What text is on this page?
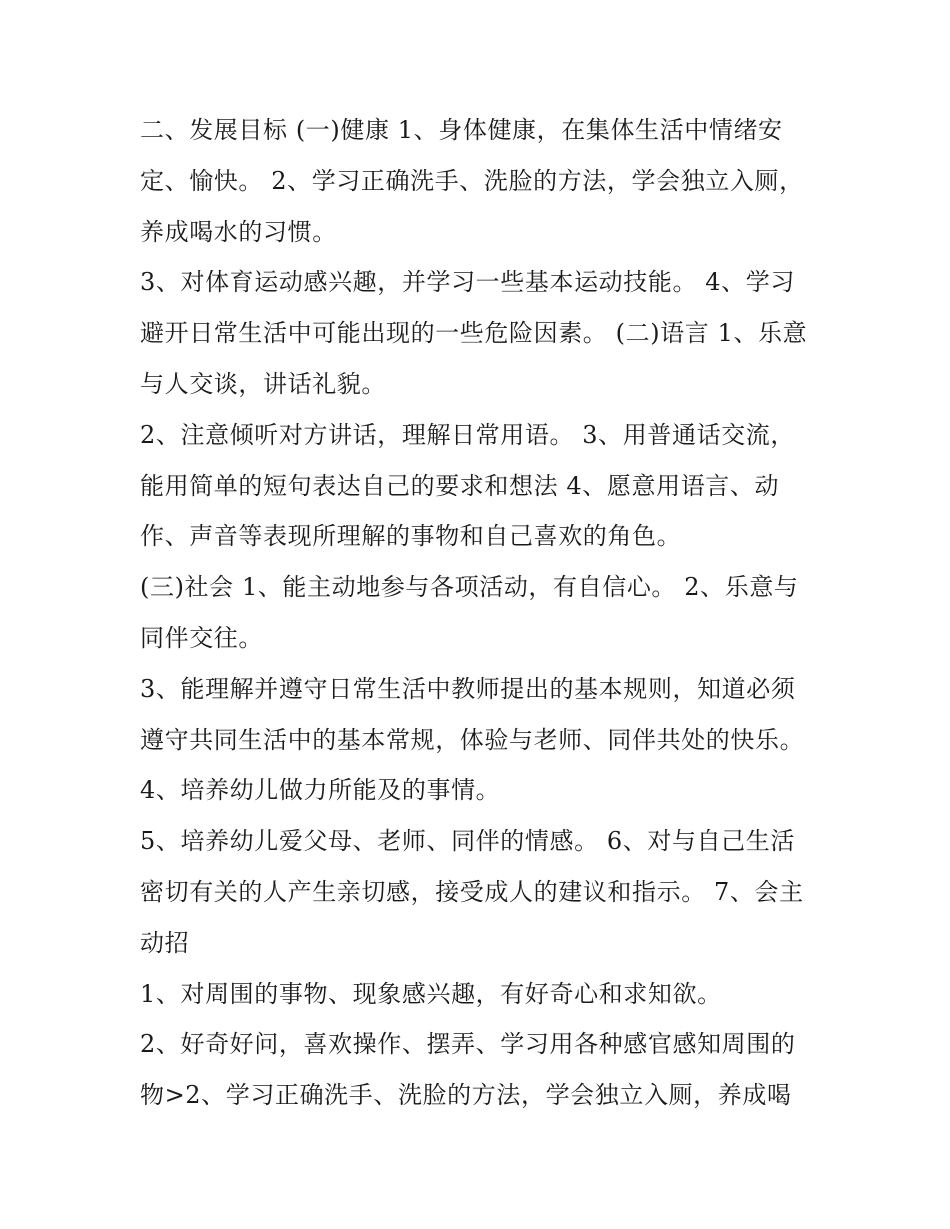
二、发展目标 (一)健康 1、身体健康，在集体生活中情绪安定、愉快。 2、学习正确洗手、洗脸的方法，学会独立入厕，养成喝水的习惯。

3、对体育运动感兴趣，并学习一些基本运动技能。 4、学习避开日常生活中可能出现的一些危险因素。 (二)语言 1、乐意与人交谈，讲话礼貌。

2、注意倾听对方讲话，理解日常用语。 3、用普通话交流，能用简单的短句表达自己的要求和想法 4、愿意用语言、动作、声音等表现所理解的事物和自己喜欢的角色。

(三)社会 1、能主动地参与各项活动，有自信心。 2、乐意与同伴交往。

3、能理解并遵守日常生活中教师提出的基本规则，知道必须遵守共同生活中的基本常规，体验与老师、同伴共处的快乐。

4、培养幼儿做力所能及的事情。

5、培养幼儿爱父母、老师、同伴的情感。 6、对与自己生活密切有关的人产生亲切感，接受成人的建议和指示。 7、会主动招

1、对周围的事物、现象感兴趣，有好奇心和求知欲。

2、好奇好问，喜欢操作、摆弄、学习用各种感官感知周围的物>2、学习正确洗手、洗脸的方法，学会独立入厕，养成喝
